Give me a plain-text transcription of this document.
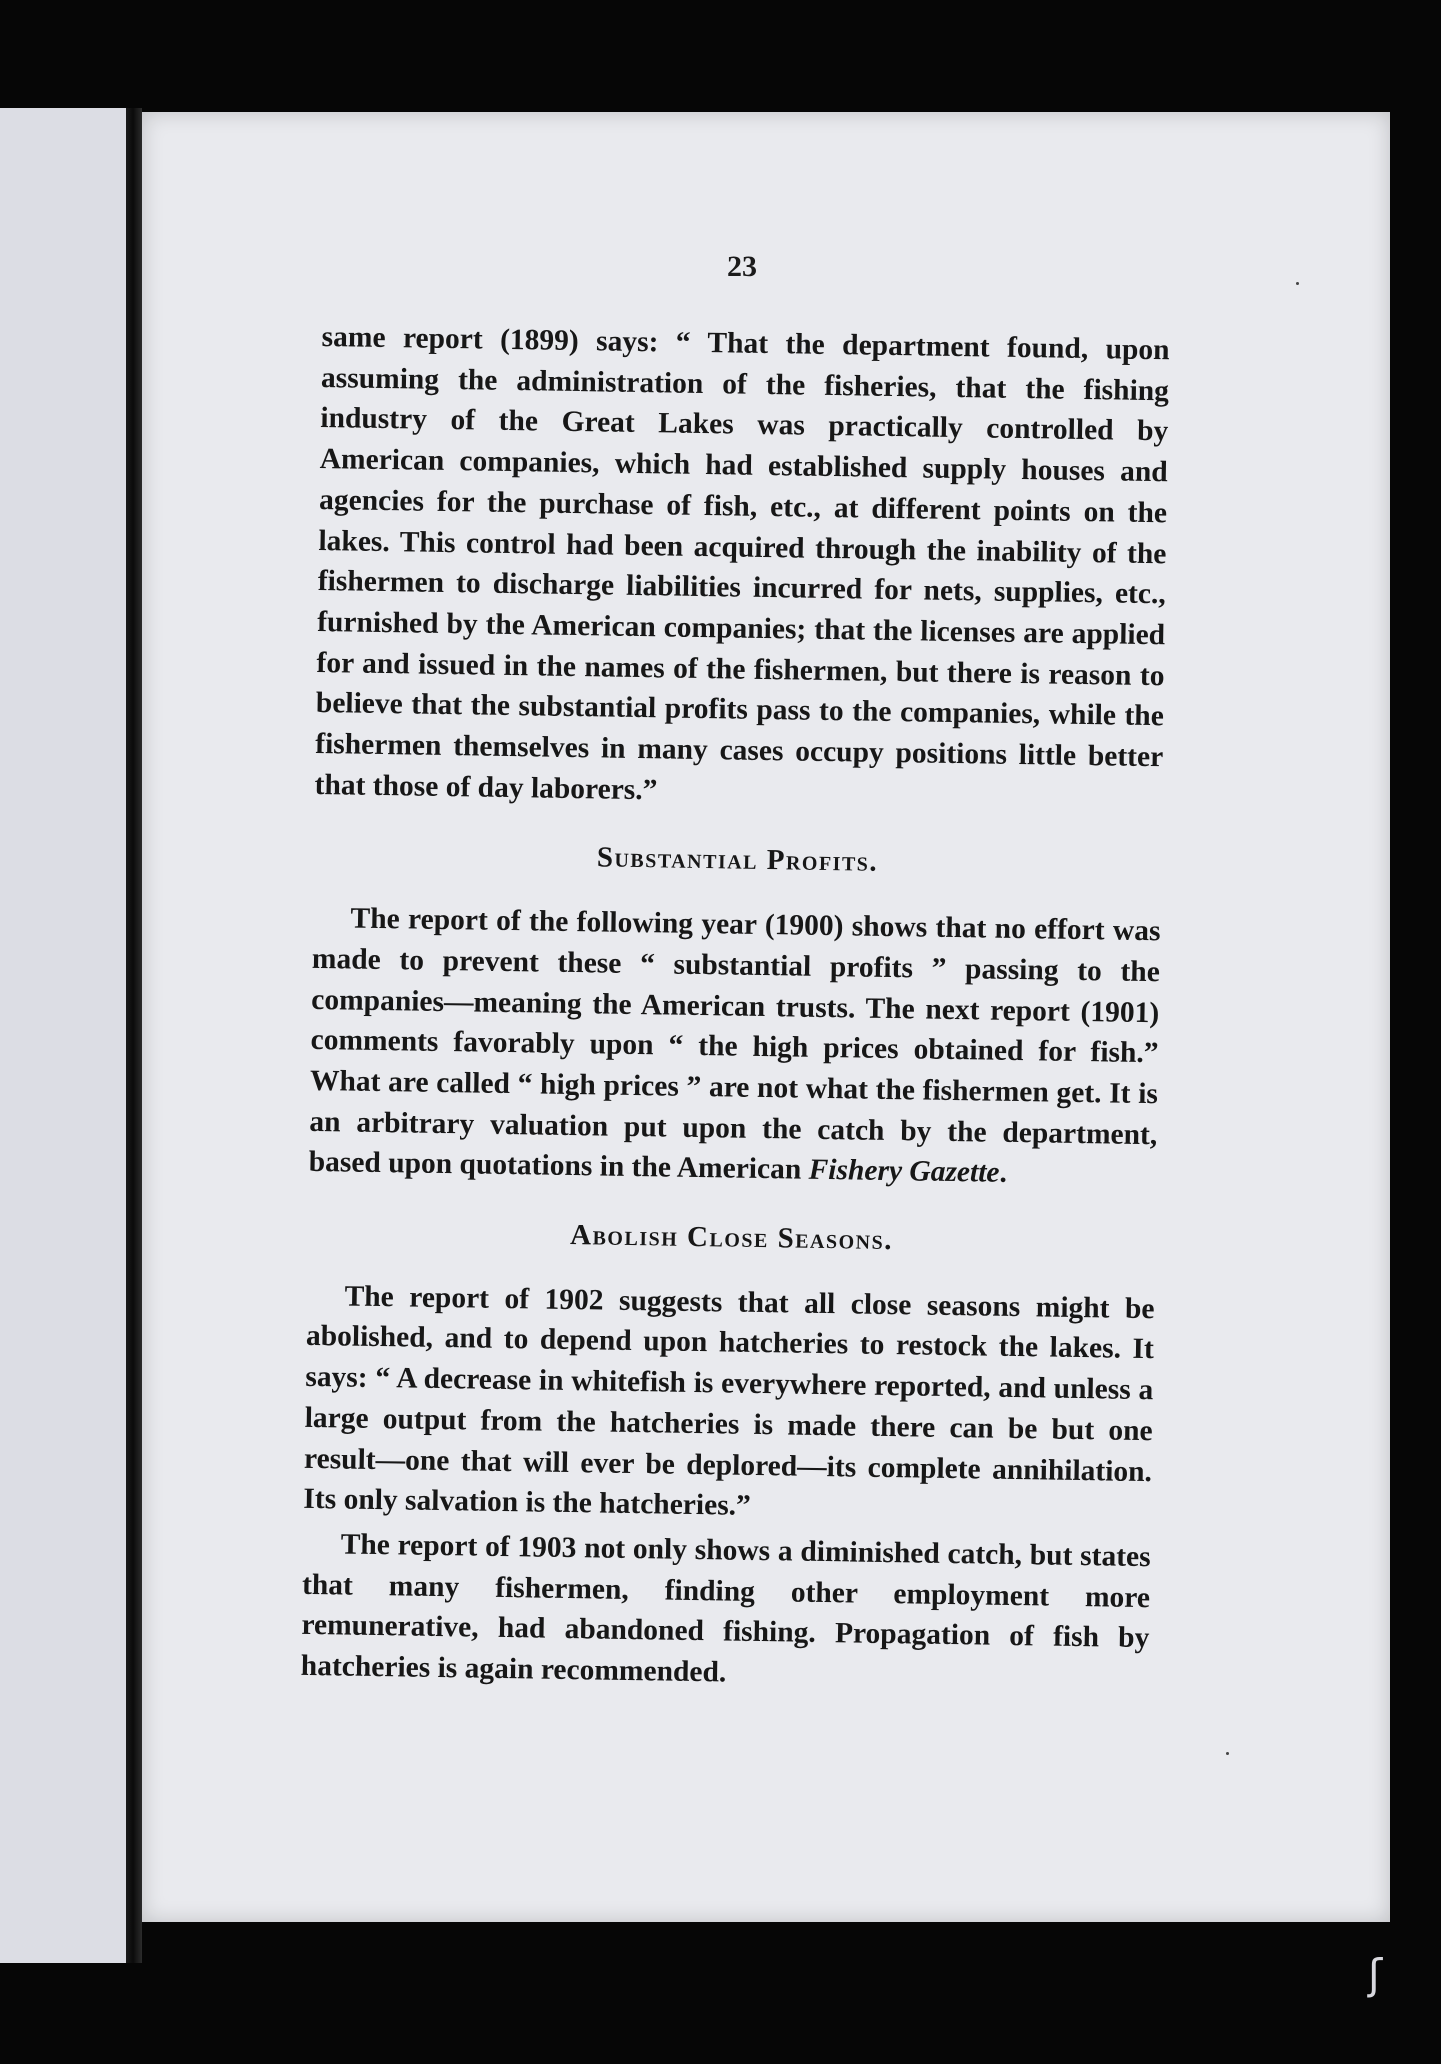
23

same report (1899) says: “ That the department found, upon assuming the administration of the fisheries, that the fishing industry of the Great Lakes was practically controlled by American companies, which had established supply houses and agencies for the purchase of fish, etc., at different points on the lakes. This control had been acquired through the inability of the fishermen to discharge liabilities incurred for nets, supplies, etc., furnished by the American companies; that the licenses are applied for and issued in the names of the fishermen, but there is reason to believe that the substantial profits pass to the companies, while the fishermen themselves in many cases occupy positions little better that those of day laborers.”

Substantial Profits.

The report of the following year (1900) shows that no effort was made to prevent these “ substantial profits ” passing to the companies—meaning the American trusts. The next report (1901) comments favorably upon “ the high prices obtained for fish.” What are called “ high prices ” are not what the fishermen get. It is an arbitrary valuation put upon the catch by the department, based upon quotations in the American Fishery Gazette.

Abolish Close Seasons.

The report of 1902 suggests that all close seasons might be abolished, and to depend upon hatcheries to restock the lakes. It says: “ A decrease in whitefish is everywhere reported, and unless a large output from the hatcheries is made there can be but one result—one that will ever be deplored—its complete annihilation. Its only salvation is the hatcheries.”

The report of 1903 not only shows a diminished catch, but states that many fishermen, finding other employment more remunerative, had abandoned fishing. Propagation of fish by hatcheries is again recommended.

ʃ
